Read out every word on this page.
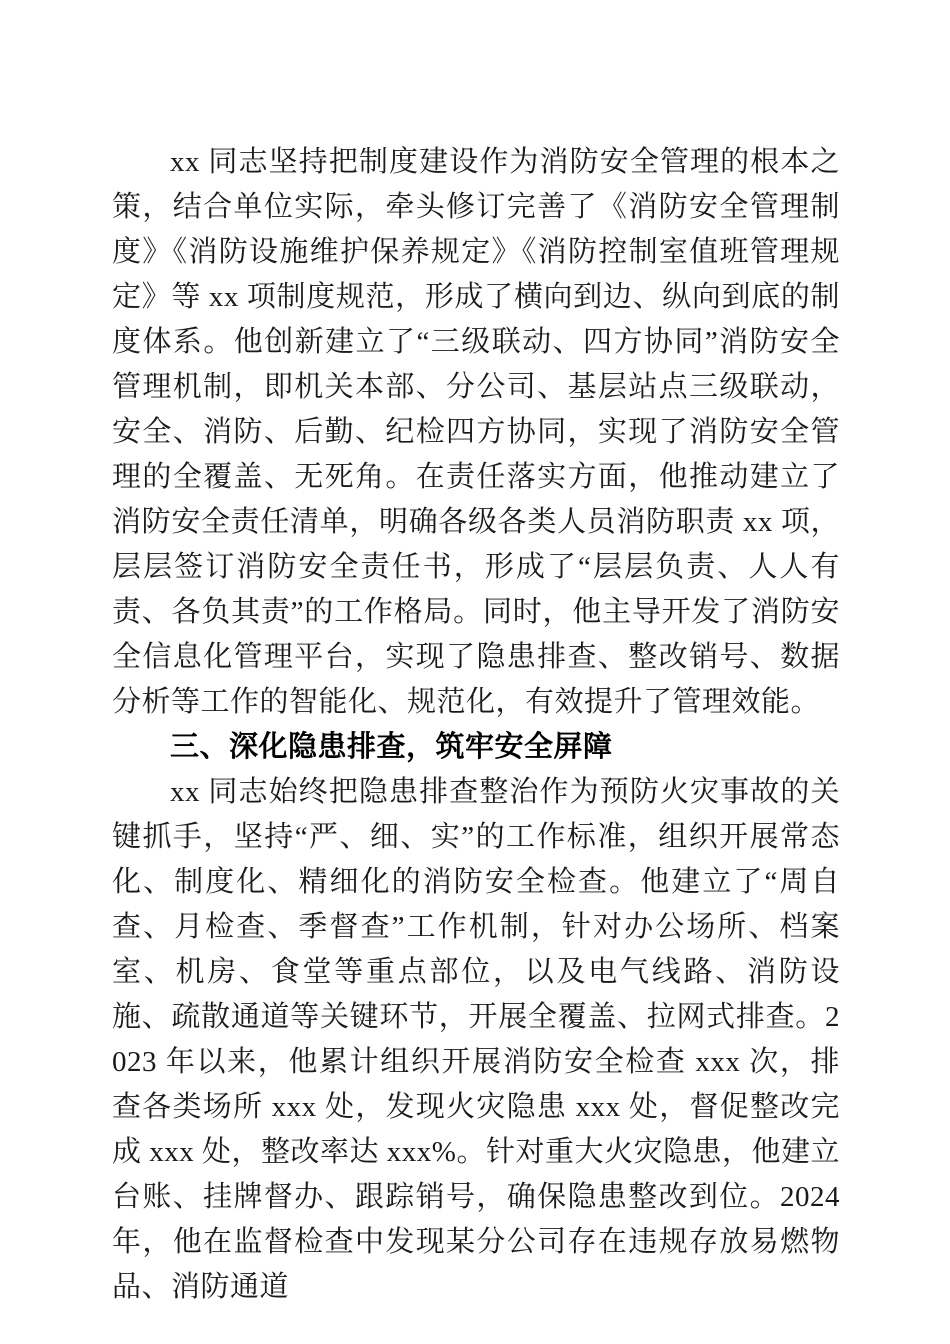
xx 同志坚持把制度建设作为消防安全管理的根本之策，结合单位实际，牵头修订完善了《消防安全管理制度》《消防设施维护保养规定》《消防控制室值班管理规定》等 xx 项制度规范，形成了横向到边、纵向到底的制度体系。他创新建立了“三级联动、四方协同”消防安全管理机制，即机关本部、分公司、基层站点三级联动，安全、消防、后勤、纪检四方协同，实现了消防安全管理的全覆盖、无死角。在责任落实方面，他推动建立了消防安全责任清单，明确各级各类人员消防职责 xx 项，层层签订消防安全责任书，形成了“层层负责、人人有责、各负其责”的工作格局。同时，他主导开发了消防安全信息化管理平台，实现了隐患排查、整改销号、数据分析等工作的智能化、规范化，有效提升了管理效能。

三、深化隐患排查，筑牢安全屏障

xx 同志始终把隐患排查整治作为预防火灾事故的关键抓手，坚持“严、细、实”的工作标准，组织开展常态化、制度化、精细化的消防安全检查。他建立了“周自查、月检查、季督查”工作机制，针对办公场所、档案室、机房、食堂等重点部位，以及电气线路、消防设施、疏散通道等关键环节，开展全覆盖、拉网式排查。2023 年以来，他累计组织开展消防安全检查 xxx 次，排查各类场所 xxx 处，发现火灾隐患 xxx 处，督促整改完成 xxx 处，整改率达 xxx%。针对重大火灾隐患，他建立台账、挂牌督办、跟踪销号，确保隐患整改到位。2024 年，他在监督检查中发现某分公司存在违规存放易燃物品、消防通道
